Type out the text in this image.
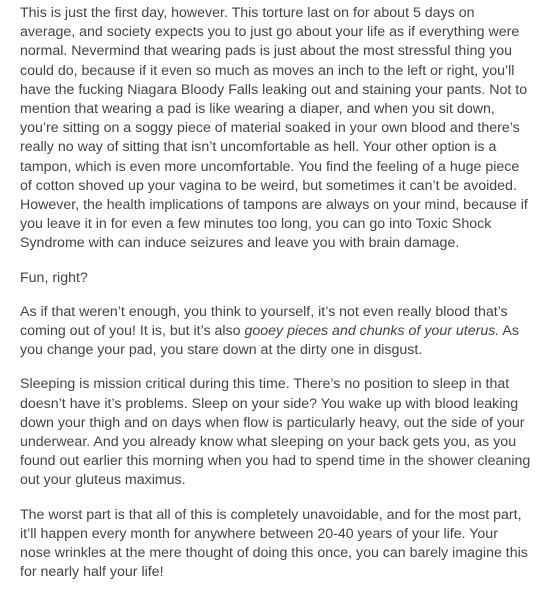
This is just the first day, however. This torture last on for about 5 days on average, and society expects you to just go about your life as if everything were normal. Nevermind that wearing pads is just about the most stressful thing you could do, because if it even so much as moves an inch to the left or right, you’ll have the fucking Niagara Bloody Falls leaking out and staining your pants. Not to mention that wearing a pad is like wearing a diaper, and when you sit down, you’re sitting on a soggy piece of material soaked in your own blood and there’s really no way of sitting that isn’t uncomfortable as hell. Your other option is a tampon, which is even more uncomfortable. You find the feeling of a huge piece of cotton shoved up your vagina to be weird, but sometimes it can’t be avoided. However, the health implications of tampons are always on your mind, because if you leave it in for even a few minutes too long, you can go into Toxic Shock Syndrome with can induce seizures and leave you with brain damage.

Fun, right?

As if that weren’t enough, you think to yourself, it’s not even really blood that’s coming out of you! It is, but it’s also gooey pieces and chunks of your uterus. As you change your pad, you stare down at the dirty one in disgust.

Sleeping is mission critical during this time. There’s no position to sleep in that doesn’t have it’s problems. Sleep on your side? You wake up with blood leaking down your thigh and on days when flow is particularly heavy, out the side of your underwear. And you already know what sleeping on your back gets you, as you found out earlier this morning when you had to spend time in the shower cleaning out your gluteus maximus.

The worst part is that all of this is completely unavoidable, and for the most part, it’ll happen every month for anywhere between 20-40 years of your life. Your nose wrinkles at the mere thought of doing this once, you can barely imagine this for nearly half your life!
